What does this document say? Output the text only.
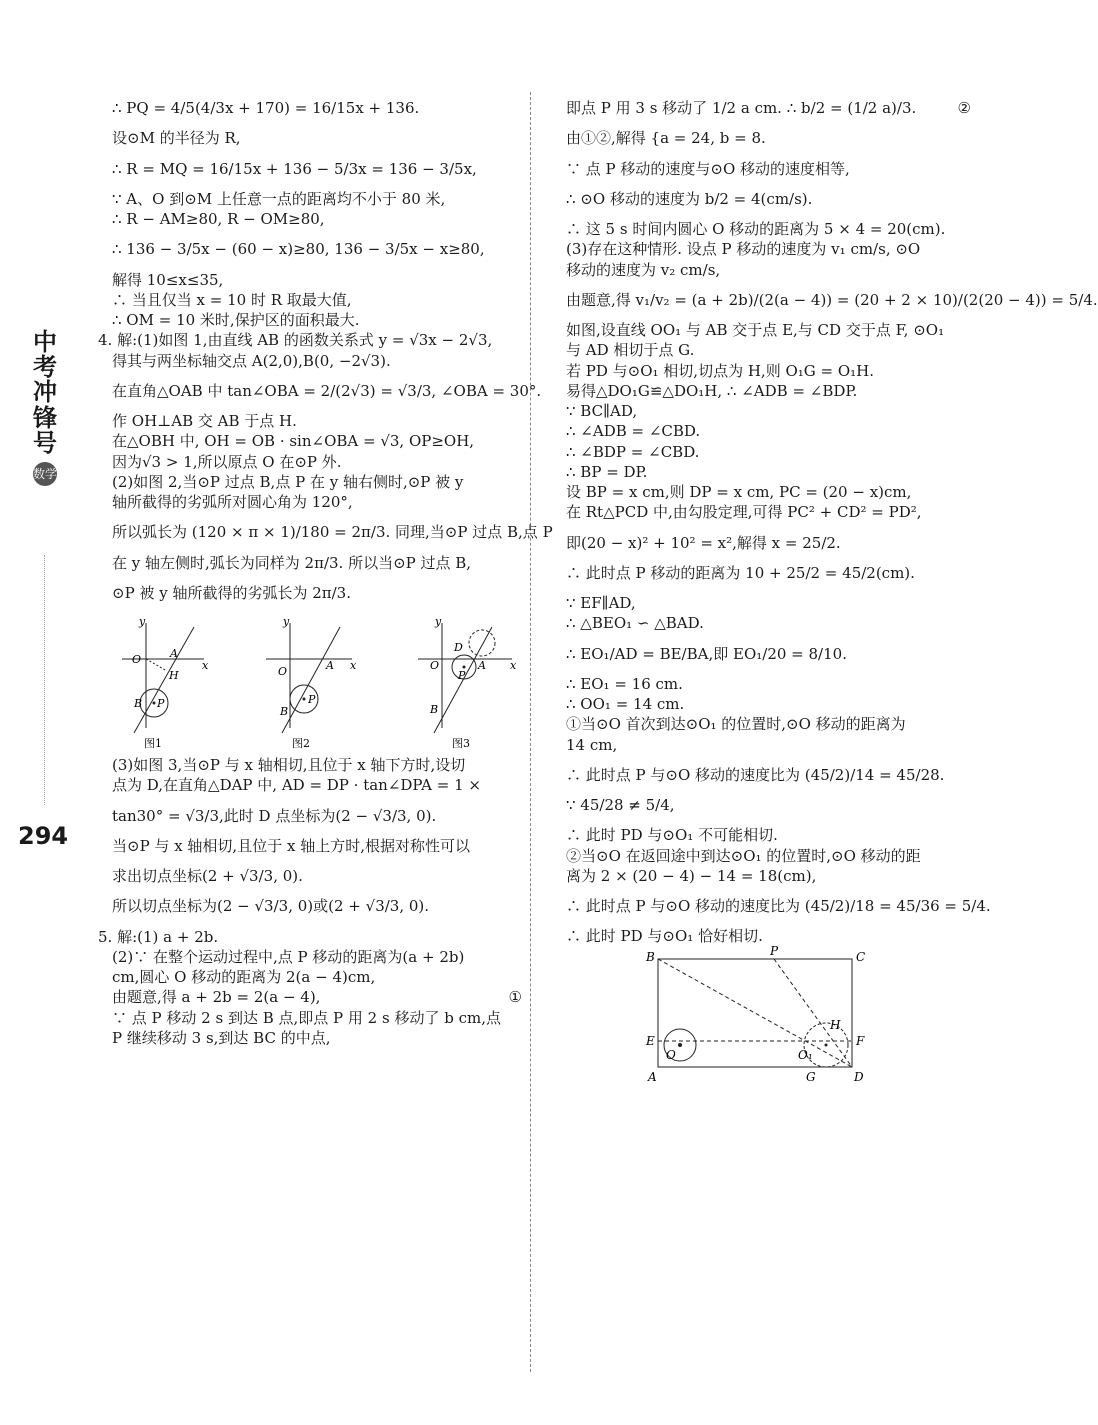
中
考
冲
锋
号
数学
294

∴ PQ = 4/5(4/3x + 170) = 16/15x + 136.

设⊙M 的半径为 R,

∴ R = MQ = 16/15x + 136 − 5/3x = 136 − 3/5x,

∵ A、O 到⊙M 上任意一点的距离均不小于 80 米,

∴ R − AM≥80, R − OM≥80,

∴ 136 − 3/5x − (60 − x)≥80, 136 − 3/5x − x≥80,

解得 10≤x≤35,

∴ 当且仅当 x = 10 时 R 取最大值,

∴ OM = 10 米时,保护区的面积最大.

4. 解:(1)如图 1,由直线 AB 的函数关系式 y = √3x − 2√3,

得其与两坐标轴交点 A(2,0),B(0, −2√3).

在直角△OAB 中 tan∠OBA = 2/(2√3) = √3/3, ∠OBA = 30°.

作 OH⊥AB 交 AB 于点 H.

在△OBH 中, OH = OB · sin∠OBA = √3, OP≥OH,

因为√3 > 1,所以原点 O 在⊙P 外.

(2)如图 2,当⊙P 过点 B,点 P 在 y 轴右侧时,⊙P 被 y

轴所截得的劣弧所对圆心角为 120°,

所以弧长为 (120 × π × 1)/180 = 2π/3. 同理,当⊙P 过点 B,点 P

在 y 轴左侧时,弧长为同样为 2π/3. 所以当⊙P 过点 B,

⊙P 被 y 轴所截得的劣弧长为 2π/3.

O	A
H
B P
x
y
图1
O	A
B
P
x
y
图2
O
D
A
B
P
x
y
图3

(3)如图 3,当⊙P 与 x 轴相切,且位于 x 轴下方时,设切

点为 D,在直角△DAP 中, AD = DP · tan∠DPA = 1 ×

tan30° = √3/3,此时 D 点坐标为(2 − √3/3, 0).

当⊙P 与 x 轴相切,且位于 x 轴上方时,根据对称性可以

求出切点坐标(2 + √3/3, 0).

所以切点坐标为(2 − √3/3, 0)或(2 + √3/3, 0).

5. 解:(1) a + 2b.

(2)∵ 在整个运动过程中,点 P 移动的距离为(a + 2b)

cm,圆心 O 移动的距离为 2(a − 4)cm,

由题意,得 a + 2b = 2(a − 4),	①

∵ 点 P 移动 2 s 到达 B 点,即点 P 用 2 s 移动了 b cm,点

P 继续移动 3 s,到达 BC 的中点,

即点 P 用 3 s 移动了 1/2 a cm. ∴ b/2 = (1/2 a)/3.	②

由①②,解得 {a = 24, b = 8.

∵ 点 P 移动的速度与⊙O 移动的速度相等,

∴ ⊙O 移动的速度为 b/2 = 4(cm/s).

∴ 这 5 s 时间内圆心 O 移动的距离为 5 × 4 = 20(cm).

(3)存在这种情形. 设点 P 移动的速度为 v₁ cm/s, ⊙O

移动的速度为 v₂ cm/s,

由题意,得 v₁/v₂ = (a + 2b)/(2(a − 4)) = (20 + 2 × 10)/(2(20 − 4)) = 5/4.

如图,设直线 OO₁ 与 AB 交于点 E,与 CD 交于点 F, ⊙O₁

与 AD 相切于点 G.

若 PD 与⊙O₁ 相切,切点为 H,则 O₁G = O₁H.

易得△DO₁G≌△DO₁H, ∴ ∠ADB = ∠BDP.

∵ BC∥AD,

∴ ∠ADB = ∠CBD.

∴ ∠BDP = ∠CBD.

∴ BP = DP.

设 BP = x cm,则 DP = x cm, PC = (20 − x)cm,

在 Rt△PCD 中,由勾股定理,可得 PC² + CD² = PD²,

即(20 − x)² + 10² = x²,解得 x = 25/2.

∴ 此时点 P 移动的距离为 10 + 25/2 = 45/2(cm).

∵ EF∥AD,

∴ △BEO₁ ∽ △BAD.

∴ EO₁/AD = BE/BA,即 EO₁/20 = 8/10.

∴ EO₁ = 16 cm.

∴ OO₁ = 14 cm.

①当⊙O 首次到达⊙O₁ 的位置时,⊙O 移动的距离为

14 cm,

∴ 此时点 P 与⊙O 移动的速度比为 (45/2)/14 = 45/28.

∵ 45/28 ≠ 5/4,

∴ 此时 PD 与⊙O₁ 不可能相切.

②当⊙O 在返回途中到达⊙O₁ 的位置时,⊙O 移动的距

离为 2 × (20 − 4) − 14 = 18(cm),

∴ 此时点 P 与⊙O 移动的速度比为 (45/2)/18 = 45/36 = 5/4.

∴ 此时 PD 与⊙O₁ 恰好相切.

B	P	C
H
E	F
O	O₁
A	G	D
